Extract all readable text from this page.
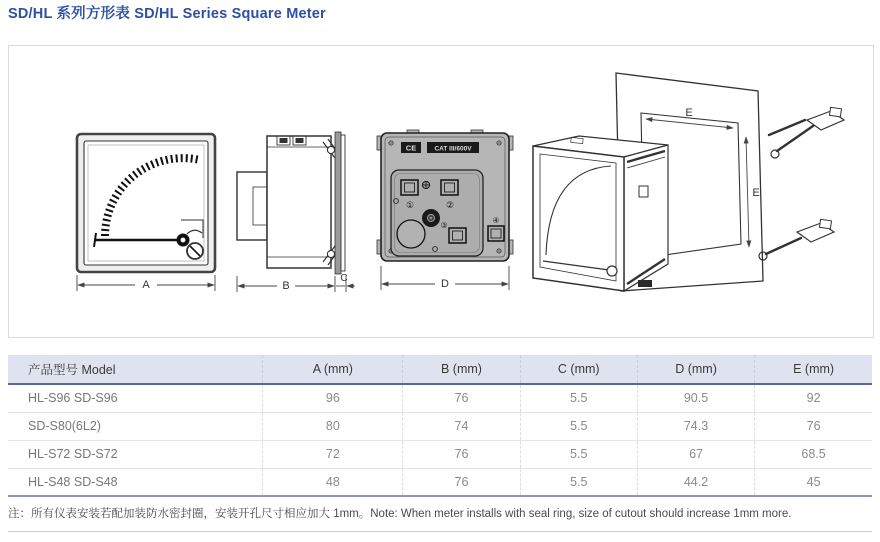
SD/HL 系列方形表 SD/HL Series Square Meter
A	B
C
CE	CAT III/600V
①	②
③
④
D
E
E
产品型号 Model	A (mm)	B (mm)	C (mm)	D (mm)	E (mm)
HL-S96 SD-S96	96	76	5.5	90.5	92
SD-S80(6L2)	80	74	5.5	74.3	76
HL-S72 SD-S72	72	76	5.5	67	68.5
HL-S48 SD-S48	48	76	5.5	44.2	45
注：所有仪表安装若配加装防水密封圈，安装开孔尺寸相应加大 1mm。Note: When meter installs with seal ring, size of cutout should increase 1mm more.
